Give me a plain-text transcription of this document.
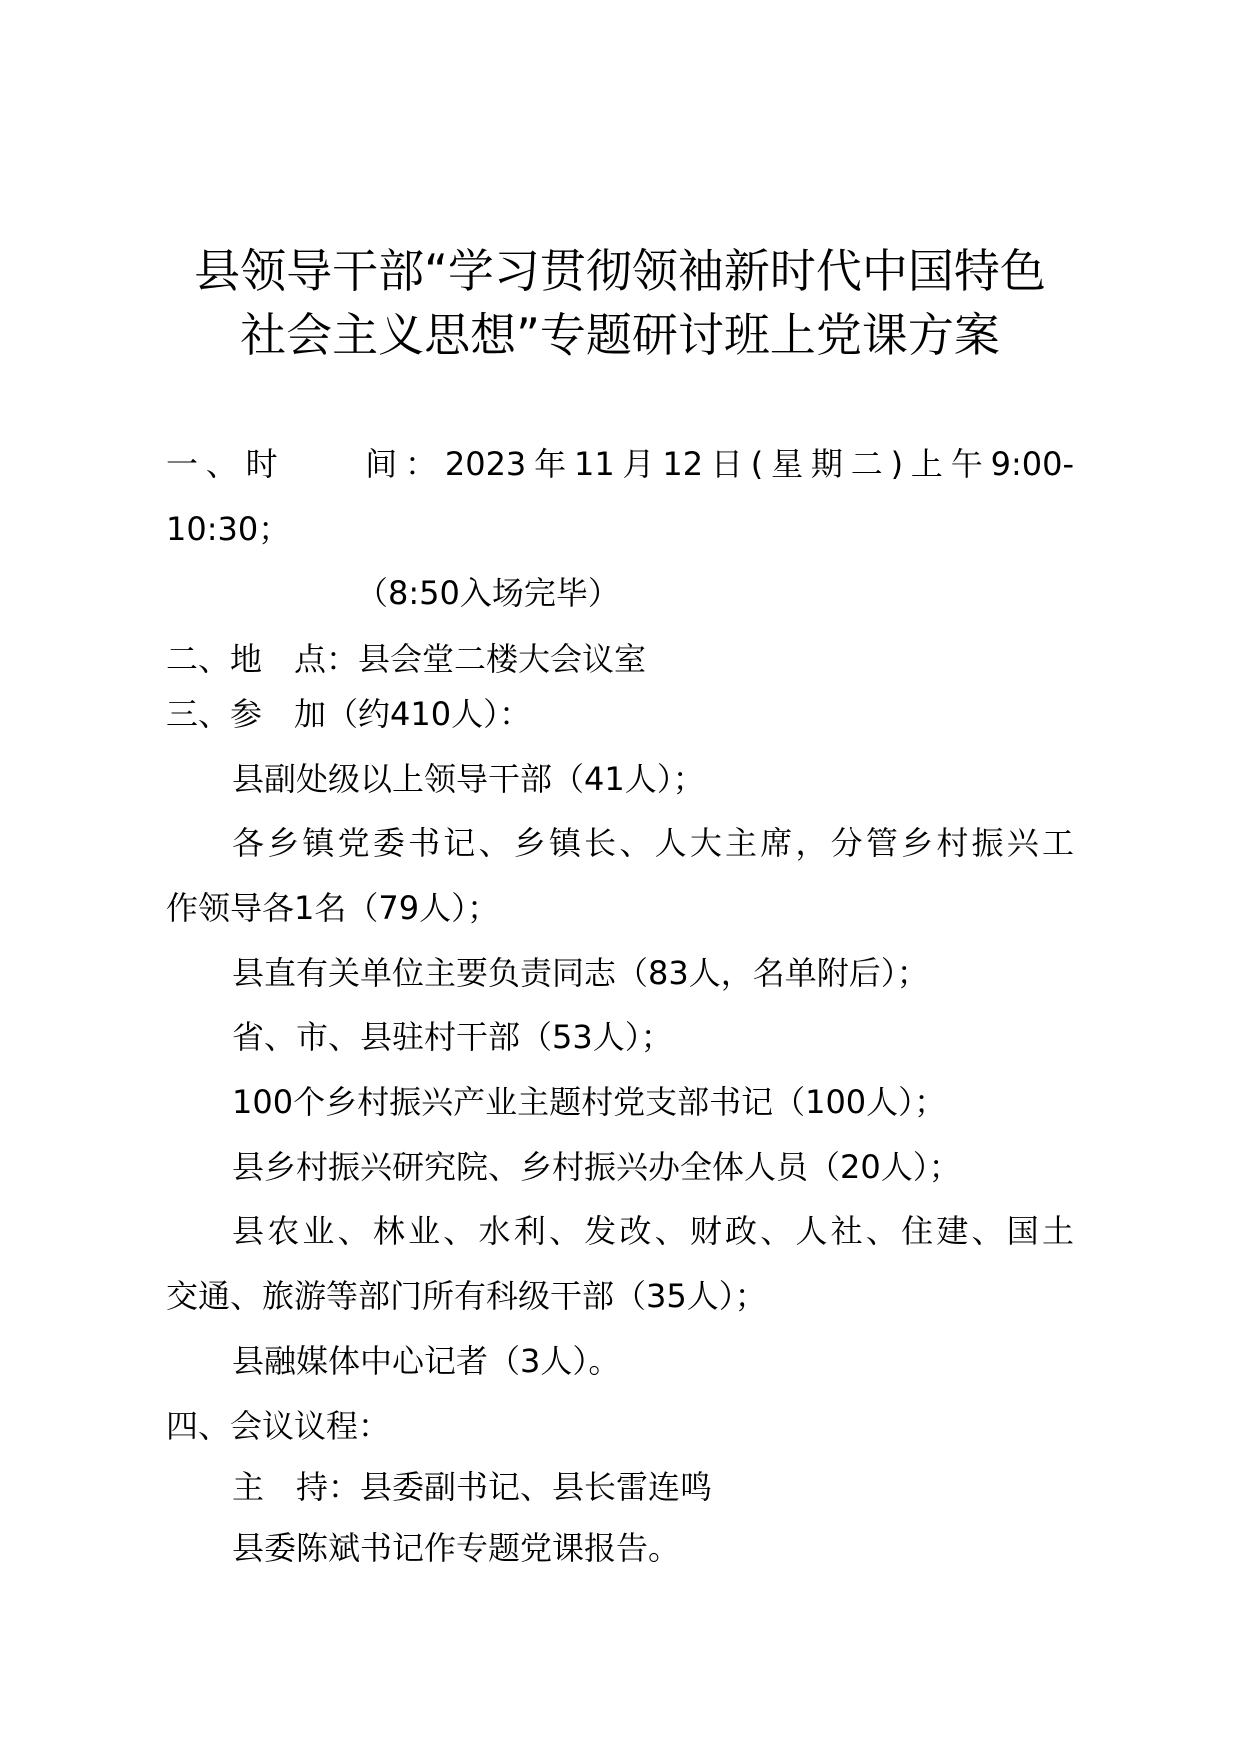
县领导干部“学习贯彻领袖新时代中国特色
社会主义思想”专题研讨班上党课方案

一、时　　间：2023年11月12日(星期二)上午9:00-

10:30；

（8:50入场完毕）

二、地　点：县会堂二楼大会议室

三、参　加（约410人）：

县副处级以上领导干部（41人）；

各乡镇党委书记、乡镇长、人大主席，分管乡村振兴工

作领导各1名（79人）；

县直有关单位主要负责同志（83人，名单附后）；

省、市、县驻村干部（53人）；

100个乡村振兴产业主题村党支部书记（100人）；

县乡村振兴研究院、乡村振兴办全体人员（20人）；

县农业、林业、水利、发改、财政、人社、住建、国土

交通、旅游等部门所有科级干部（35人）；

县融媒体中心记者（3人）。

四、会议议程：

主　持：县委副书记、县长雷连鸣

县委陈斌书记作专题党课报告。
